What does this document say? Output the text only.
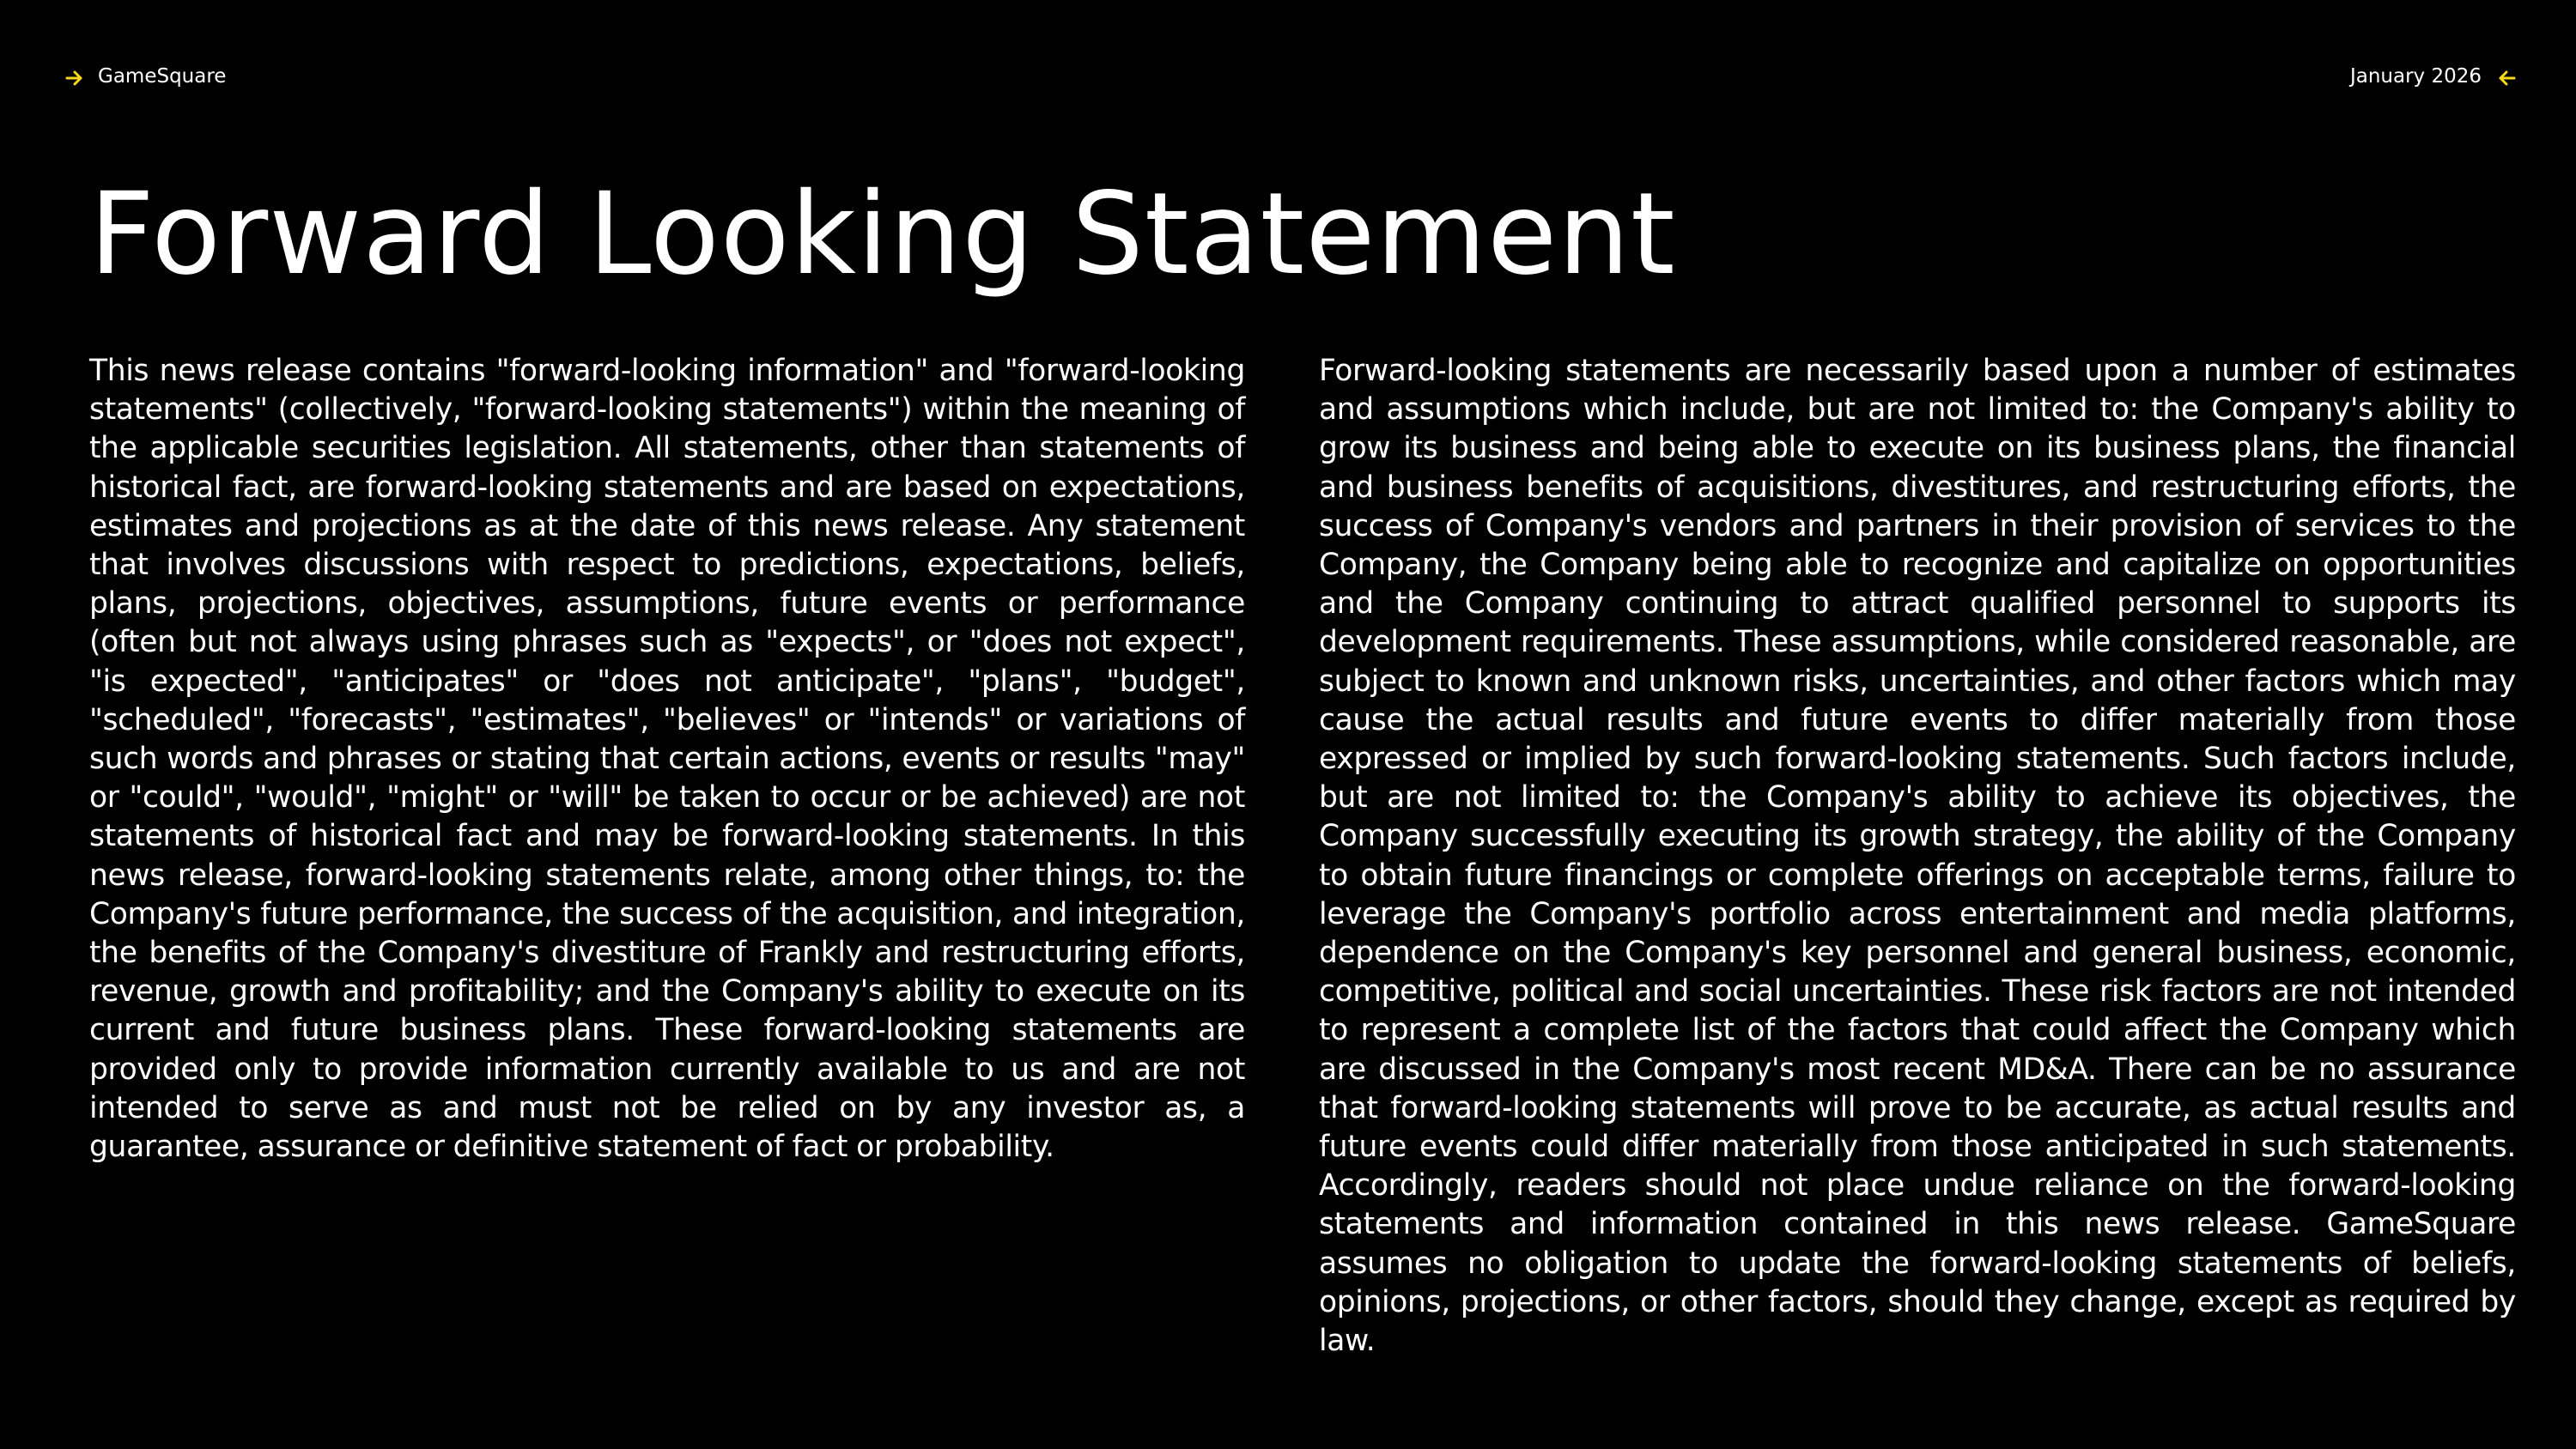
GameSquare	January 2026
Forward Looking Statement

This news release contains "forward-looking information" and "forward-looking statements" (collectively, "forward-looking statements") within the meaning of the applicable securities legislation. All statements, other than statements of historical fact, are forward-looking statements and are based on expectations, estimates and projections as at the date of this news release. Any statement that involves discussions with respect to predictions, expectations, beliefs, plans, projections, objectives, assumptions, future events or performance (often but not always using phrases such as "expects", or "does not expect", "is expected", "anticipates" or "does not anticipate", "plans", "budget", "scheduled", "forecasts", "estimates", "believes" or "intends" or variations of such words and phrases or stating that certain actions, events or results "may" or "could", "would", "might" or "will" be taken to occur or be achieved) are not statements of historical fact and may be forward-looking statements. In this news release, forward-looking statements relate, among other things, to: the Company's future performance, the success of the acquisition, and integration, the benefits of the Company's divestiture of Frankly and restructuring efforts, revenue, growth and profitability; and the Company's ability to execute on its current and future business plans. These forward-looking statements are provided only to provide information currently available to us and are not intended to serve as and must not be relied on by any investor as, a guarantee, assurance or definitive statement of fact or probability.

Forward-looking statements are necessarily based upon a number of estimates and assumptions which include, but are not limited to: the Company's ability to grow its business and being able to execute on its business plans, the financial and business benefits of acquisitions, divestitures, and restructuring efforts, the success of Company's vendors and partners in their provision of services to the Company, the Company being able to recognize and capitalize on opportunities and the Company continuing to attract qualified personnel to supports its development requirements. These assumptions, while considered reasonable, are subject to known and unknown risks, uncertainties, and other factors which may cause the actual results and future events to differ materially from those expressed or implied by such forward-looking statements. Such factors include, but are not limited to: the Company's ability to achieve its objectives, the Company successfully executing its growth strategy, the ability of the Company to obtain future financings or complete offerings on acceptable terms, failure to leverage the Company's portfolio across entertainment and media platforms, dependence on the Company's key personnel and general business, economic, competitive, political and social uncertainties. These risk factors are not intended to represent a complete list of the factors that could affect the Company which are discussed in the Company's most recent MD&A. There can be no assurance that forward-looking statements will prove to be accurate, as actual results and future events could differ materially from those anticipated in such statements. Accordingly, readers should not place undue reliance on the forward-looking statements and information contained in this news release. GameSquare assumes no obligation to update the forward-looking statements of beliefs, opinions, projections, or other factors, should they change, except as required by law.
